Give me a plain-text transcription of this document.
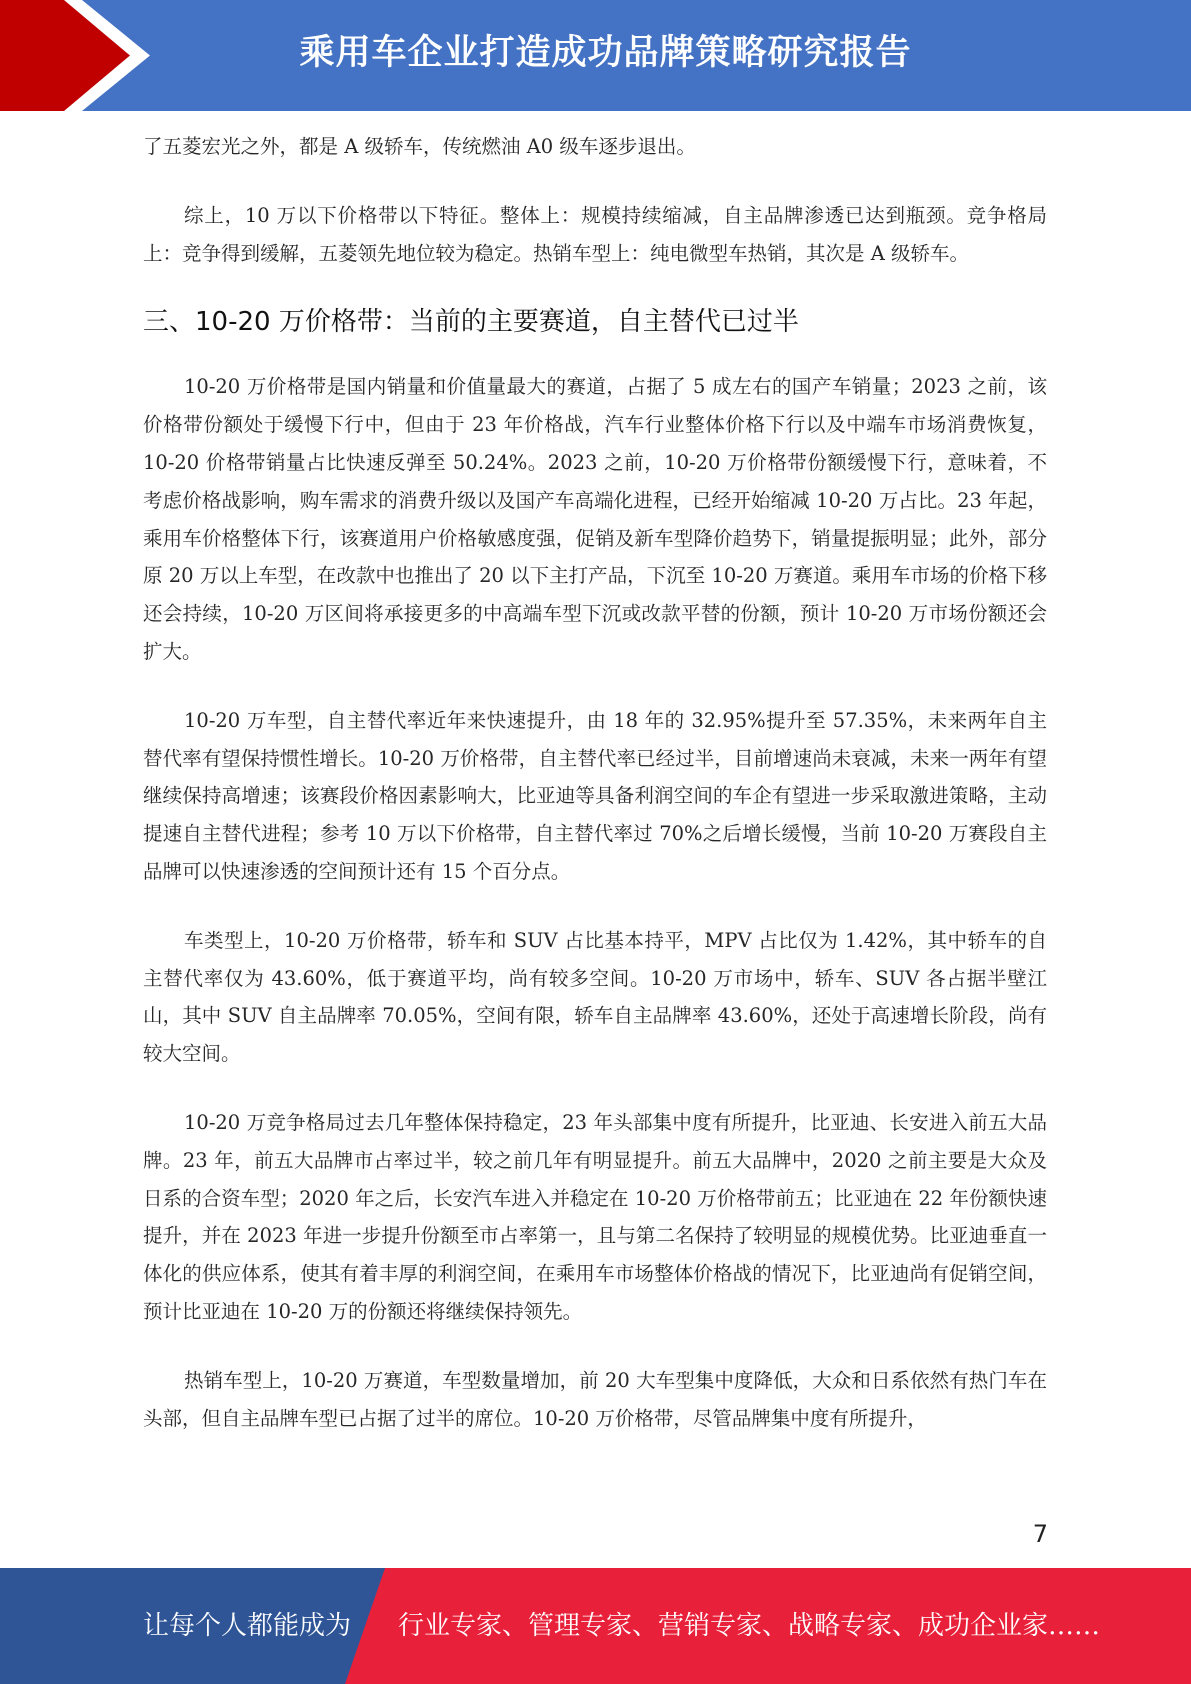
乘用车企业打造成功品牌策略研究报告

了五菱宏光之外，都是 A 级轿车，传统燃油 A0 级车逐步退出。

综上，10 万以下价格带以下特征。整体上：规模持续缩减，自主品牌渗透已达到瓶颈。竞争格局上：竞争得到缓解，五菱领先地位较为稳定。热销车型上：纯电微型车热销，其次是 A 级轿车。

三、10-20 万价格带：当前的主要赛道，自主替代已过半

10-20 万价格带是国内销量和价值量最大的赛道，占据了 5 成左右的国产车销量；2023 之前，该价格带份额处于缓慢下行中，但由于 23 年价格战，汽车行业整体价格下行以及中端车市场消费恢复，10-20 价格带销量占比快速反弹至 50.24%。2023 之前，10-20 万价格带份额缓慢下行，意味着，不考虑价格战影响，购车需求的消费升级以及国产车高端化进程，已经开始缩减 10-20 万占比。23 年起，乘用车价格整体下行，该赛道用户价格敏感度强，促销及新车型降价趋势下，销量提振明显；此外，部分原 20 万以上车型，在改款中也推出了 20 以下主打产品，下沉至 10-20 万赛道。乘用车市场的价格下移还会持续，10-20 万区间将承接更多的中高端车型下沉或改款平替的份额，预计 10-20 万市场份额还会扩大。

10-20 万车型，自主替代率近年来快速提升，由 18 年的 32.95%提升至 57.35%，未来两年自主替代率有望保持惯性增长。10-20 万价格带，自主替代率已经过半，目前增速尚未衰减，未来一两年有望继续保持高增速；该赛段价格因素影响大，比亚迪等具备利润空间的车企有望进一步采取激进策略，主动提速自主替代进程；参考 10 万以下价格带，自主替代率过 70%之后增长缓慢，当前 10-20 万赛段自主品牌可以快速渗透的空间预计还有 15 个百分点。

车类型上，10-20 万价格带，轿车和 SUV 占比基本持平，MPV 占比仅为 1.42%，其中轿车的自主替代率仅为 43.60%，低于赛道平均，尚有较多空间。10-20 万市场中，轿车、SUV 各占据半壁江山，其中 SUV 自主品牌率 70.05%，空间有限，轿车自主品牌率 43.60%，还处于高速增长阶段，尚有较大空间。

10-20 万竞争格局过去几年整体保持稳定，23 年头部集中度有所提升，比亚迪、长安进入前五大品牌。23 年，前五大品牌市占率过半，较之前几年有明显提升。前五大品牌中，2020 之前主要是大众及日系的合资车型；2020 年之后，长安汽车进入并稳定在 10-20 万价格带前五；比亚迪在 22 年份额快速提升，并在 2023 年进一步提升份额至市占率第一，且与第二名保持了较明显的规模优势。比亚迪垂直一体化的供应体系，使其有着丰厚的利润空间，在乘用车市场整体价格战的情况下，比亚迪尚有促销空间，预计比亚迪在 10-20 万的份额还将继续保持领先。

热销车型上，10-20 万赛道，车型数量增加，前 20 大车型集中度降低，大众和日系依然有热门车在头部，但自主品牌车型已占据了过半的席位。10-20 万价格带，尽管品牌集中度有所提升，

7
让每个人都能成为 行业专家、管理专家、营销专家、战略专家、成功企业家……
